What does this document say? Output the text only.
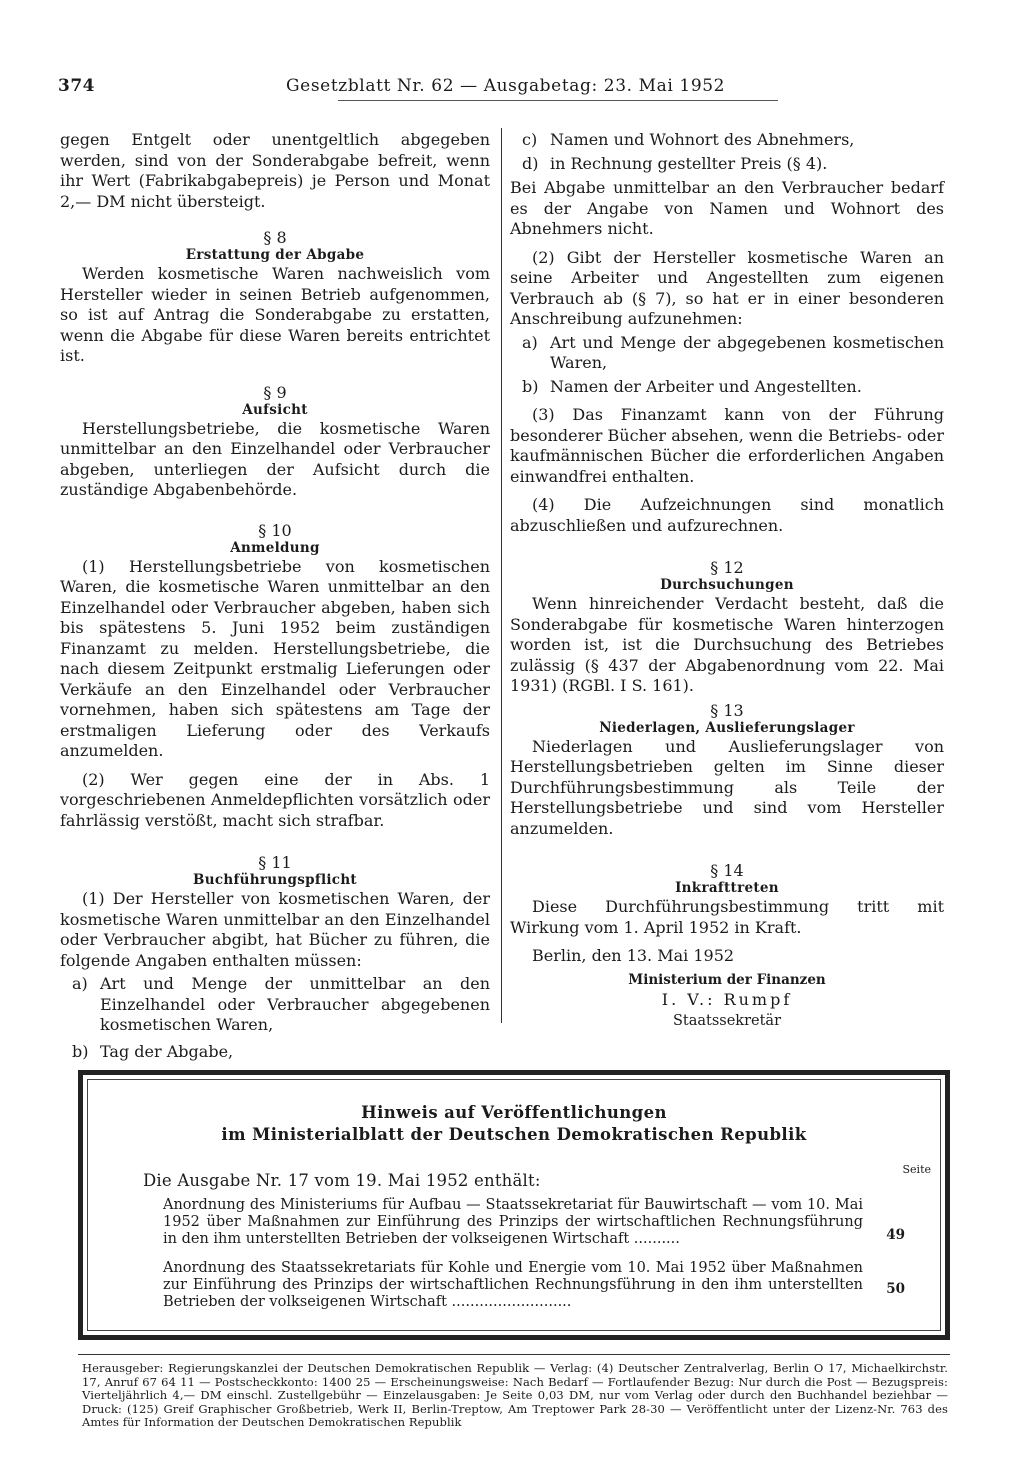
374	Gesetzblatt Nr. 62 — Ausgabetag: 23. Mai 1952

gegen Entgelt oder unentgeltlich abgegeben werden, sind von der Sonderabgabe befreit, wenn ihr Wert (Fabrikabgabepreis) je Person und Monat 2,— DM nicht übersteigt.

§ 8
Erstattung der Abgabe

Werden kosmetische Waren nachweislich vom Hersteller wieder in seinen Betrieb aufgenommen, so ist auf Antrag die Sonderabgabe zu erstatten, wenn die Abgabe für diese Waren bereits entrichtet ist.

§ 9
Aufsicht

Herstellungsbetriebe, die kosmetische Waren unmittelbar an den Einzelhandel oder Verbraucher abgeben, unterliegen der Aufsicht durch die zuständige Abgabenbehörde.

§ 10
Anmeldung

(1) Herstellungsbetriebe von kosmetischen Waren, die kosmetische Waren unmittelbar an den Einzelhandel oder Verbraucher abgeben, haben sich bis spätestens 5. Juni 1952 beim zuständigen Finanzamt zu melden. Herstellungsbetriebe, die nach diesem Zeitpunkt erstmalig Lieferungen oder Verkäufe an den Einzelhandel oder Verbraucher vornehmen, haben sich spätestens am Tage der erstmaligen Lieferung oder des Verkaufs anzumelden.

(2) Wer gegen eine der in Abs. 1 vorgeschriebenen Anmeldepflichten vorsätzlich oder fahrlässig verstößt, macht sich strafbar.

§ 11
Buchführungspflicht

(1) Der Hersteller von kosmetischen Waren, der kosmetische Waren unmittelbar an den Einzelhandel oder Verbraucher abgibt, hat Bücher zu führen, die folgende Angaben enthalten müssen:

a) Art und Menge der unmittelbar an den Einzelhandel oder Verbraucher abgegebenen kosmetischen Waren,
b) Tag der Abgabe,
c) Namen und Wohnort des Abnehmers,
d) in Rechnung gestellter Preis (§ 4).

Bei Abgabe unmittelbar an den Verbraucher bedarf es der Angabe von Namen und Wohnort des Abnehmers nicht.

(2) Gibt der Hersteller kosmetische Waren an seine Arbeiter und Angestellten zum eigenen Verbrauch ab (§ 7), so hat er in einer besonderen Anschreibung aufzunehmen:

a) Art und Menge der abgegebenen kosmetischen Waren,
b) Namen der Arbeiter und Angestellten.

(3) Das Finanzamt kann von der Führung besonderer Bücher absehen, wenn die Betriebs- oder kaufmännischen Bücher die erforderlichen Angaben einwandfrei enthalten.

(4) Die Aufzeichnungen sind monatlich abzuschließen und aufzurechnen.

§ 12
Durchsuchungen

Wenn hinreichender Verdacht besteht, daß die Sonderabgabe für kosmetische Waren hinterzogen worden ist, ist die Durchsuchung des Betriebes zulässig (§ 437 der Abgabenordnung vom 22. Mai 1931) (RGBl. I S. 161).

§ 13
Niederlagen, Auslieferungslager

Niederlagen und Auslieferungslager von Herstellungsbetrieben gelten im Sinne dieser Durchführungsbestimmung als Teile der Herstellungsbetriebe und sind vom Hersteller anzumelden.

§ 14
Inkrafttreten

Diese Durchführungsbestimmung tritt mit Wirkung vom 1. April 1952 in Kraft.

Berlin, den 13. Mai 1952

Ministerium der Finanzen
I. V.: Rumpf
Staatssekretär
Hinweis auf Veröffentlichungen
im Ministerialblatt der Deutschen Demokratischen Republik
Seite
Die Ausgabe Nr. 17 vom 19. Mai 1952 enthält:
Anordnung des Ministeriums für Aufbau — Staatssekretariat für Bauwirtschaft — vom 10. Mai 1952 über Maßnahmen zur Einführung des Prinzips der wirtschaftlichen Rechnungsführung in den ihm unterstellten Betrieben der volkseigenen Wirtschaft ..........	49
Anordnung des Staatssekretariats für Kohle und Energie vom 10. Mai 1952 über Maßnahmen zur Einführung des Prinzips der wirtschaftlichen Rechnungsführung in den ihm unterstellten Betrieben der volkseigenen Wirtschaft ..........................
50
Herausgeber: Regierungskanzlei der Deutschen Demokratischen Republik — Verlag: (4) Deutscher Zentralverlag, Berlin O 17, Michaelkirchstr. 17, Anruf 67 64 11 — Postscheckkonto: 1400 25 — Erscheinungsweise: Nach Bedarf — Fortlaufender Bezug: Nur durch die Post — Bezugspreis: Vierteljährlich 4,— DM einschl. Zustellgebühr — Einzelausgaben: Je Seite 0,03 DM, nur vom Verlag oder durch den Buchhandel beziehbar — Druck: (125) Greif Graphischer Großbetrieb, Werk II, Berlin-Treptow, Am Treptower Park 28-30 — Veröffentlicht unter der Lizenz-Nr. 763 des Amtes für Information der Deutschen Demokratischen Republik
